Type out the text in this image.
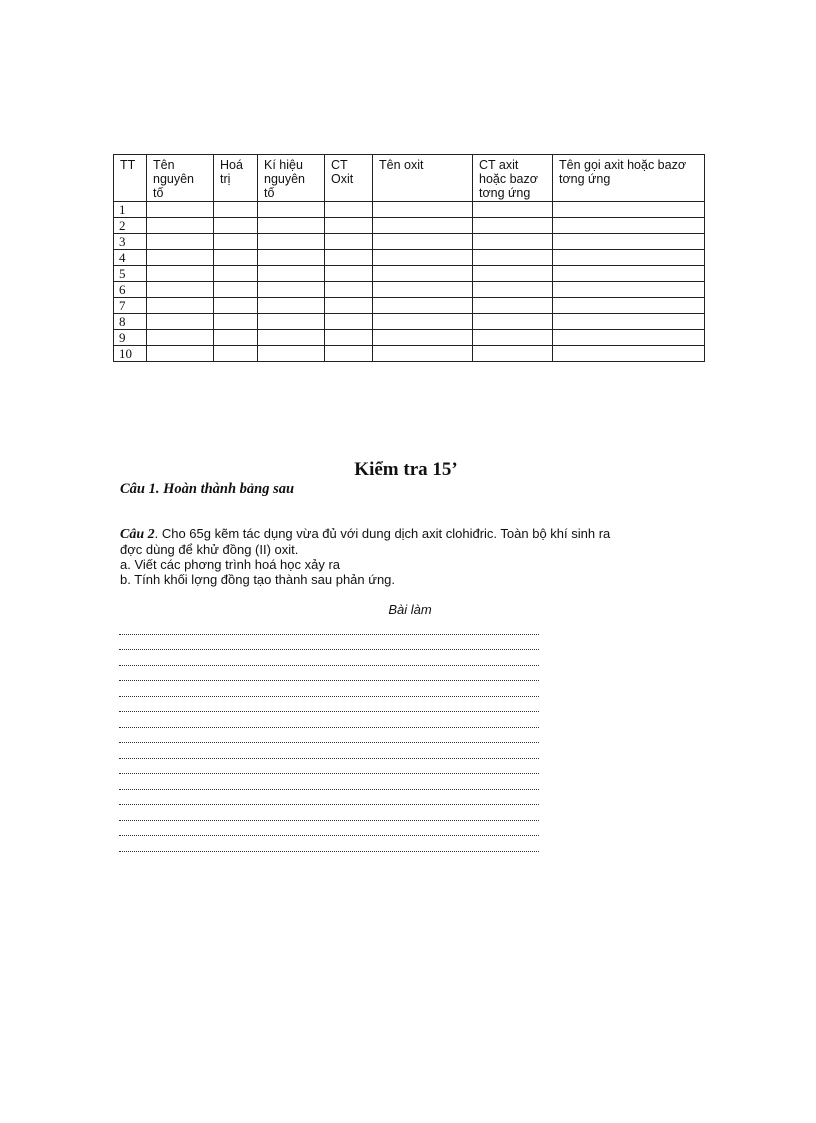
TT	Tên nguyên tố	Hoá trị	Kí hiệu nguyên tố	CT Oxit	Tên oxit	CT axit hoặc bazơ tơng ứng	Tên gọi axit hoặc bazơ tơng ứng
1							
2							
3							
4							
5							
6							
7							
8							
9							
10							
Kiểm tra 15’
Câu 1. Hoàn thành bảng sau
Câu 2. Cho 65g kẽm tác dụng vừa đủ với dung dịch axit clohiđric. Toàn bộ khí sinh ra
đợc dùng để khử đồng (II) oxit.
a. Viết các phơng trình hoá học xảy ra
b. Tính khối lợng đồng tạo thành sau phản ứng.
Bài làm
